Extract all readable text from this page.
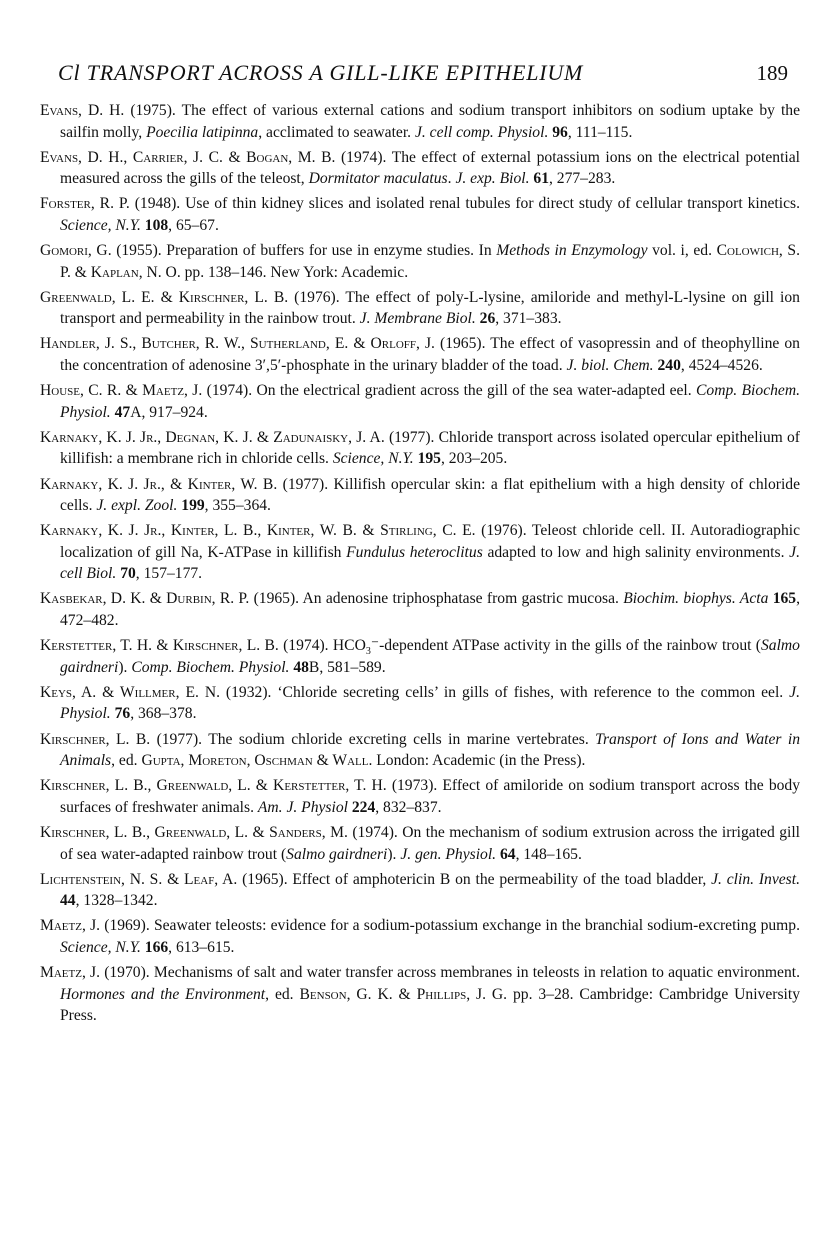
Cl TRANSPORT ACROSS A GILL-LIKE EPITHELIUM	189

Evans, D. H. (1975). The effect of various external cations and sodium transport inhibitors on sodium uptake by the sailfin molly, Poecilia latipinna, acclimated to seawater. J. cell comp. Physiol. 96, 111–115.

Evans, D. H., Carrier, J. C. & Bogan, M. B. (1974). The effect of external potassium ions on the electrical potential measured across the gills of the teleost, Dormitator maculatus. J. exp. Biol. 61, 277–283.

Forster, R. P. (1948). Use of thin kidney slices and isolated renal tubules for direct study of cellular transport kinetics. Science, N.Y. 108, 65–67.

Gomori, G. (1955). Preparation of buffers for use in enzyme studies. In Methods in Enzymology vol. i, ed. Colowich, S. P. & Kaplan, N. O. pp. 138–146. New York: Academic.

Greenwald, L. E. & Kirschner, L. B. (1976). The effect of poly-L-lysine, amiloride and methyl-L-lysine on gill ion transport and permeability in the rainbow trout. J. Membrane Biol. 26, 371–383.

Handler, J. S., Butcher, R. W., Sutherland, E. & Orloff, J. (1965). The effect of vasopressin and of theophylline on the concentration of adenosine 3′,5′-phosphate in the urinary bladder of the toad. J. biol. Chem. 240, 4524–4526.

House, C. R. & Maetz, J. (1974). On the electrical gradient across the gill of the sea water-adapted eel. Comp. Biochem. Physiol. 47A, 917–924.

Karnaky, K. J. Jr., Degnan, K. J. & Zadunaisky, J. A. (1977). Chloride transport across isolated opercular epithelium of killifish: a membrane rich in chloride cells. Science, N.Y. 195, 203–205.

Karnaky, K. J. Jr., & Kinter, W. B. (1977). Killifish opercular skin: a flat epithelium with a high density of chloride cells. J. expl. Zool. 199, 355–364.

Karnaky, K. J. Jr., Kinter, L. B., Kinter, W. B. & Stirling, C. E. (1976). Teleost chloride cell. II. Autoradiographic localization of gill Na, K-ATPase in killifish Fundulus heteroclitus adapted to low and high salinity environments. J. cell Biol. 70, 157–177.

Kasbekar, D. K. & Durbin, R. P. (1965). An adenosine triphosphatase from gastric mucosa. Biochim. biophys. Acta 165, 472–482.

Kerstetter, T. H. & Kirschner, L. B. (1974). $HCO_3^-$-dependent ATPase activity in the gills of the rainbow trout (Salmo gairdneri). Comp. Biochem. Physiol. 48B, 581–589.

Keys, A. & Willmer, E. N. (1932). ‘Chloride secreting cells’ in gills of fishes, with reference to the common eel. J. Physiol. 76, 368–378.

Kirschner, L. B. (1977). The sodium chloride excreting cells in marine vertebrates. Transport of Ions and Water in Animals, ed. Gupta, Moreton, Oschman & Wall. London: Academic (in the Press).

Kirschner, L. B., Greenwald, L. & Kerstetter, T. H. (1973). Effect of amiloride on sodium transport across the body surfaces of freshwater animals. Am. J. Physiol 224, 832–837.

Kirschner, L. B., Greenwald, L. & Sanders, M. (1974). On the mechanism of sodium extrusion across the irrigated gill of sea water-adapted rainbow trout (Salmo gairdneri). J. gen. Physiol. 64, 148–165.

Lichtenstein, N. S. & Leaf, A. (1965). Effect of amphotericin B on the permeability of the toad bladder, J. clin. Invest. 44, 1328–1342.

Maetz, J. (1969). Seawater teleosts: evidence for a sodium-potassium exchange in the branchial sodium-excreting pump. Science, N.Y. 166, 613–615.

Maetz, J. (1970). Mechanisms of salt and water transfer across membranes in teleosts in relation to aquatic environment. Hormones and the Environment, ed. Benson, G. K. & Phillips, J. G. pp. 3–28. Cambridge: Cambridge University Press.
